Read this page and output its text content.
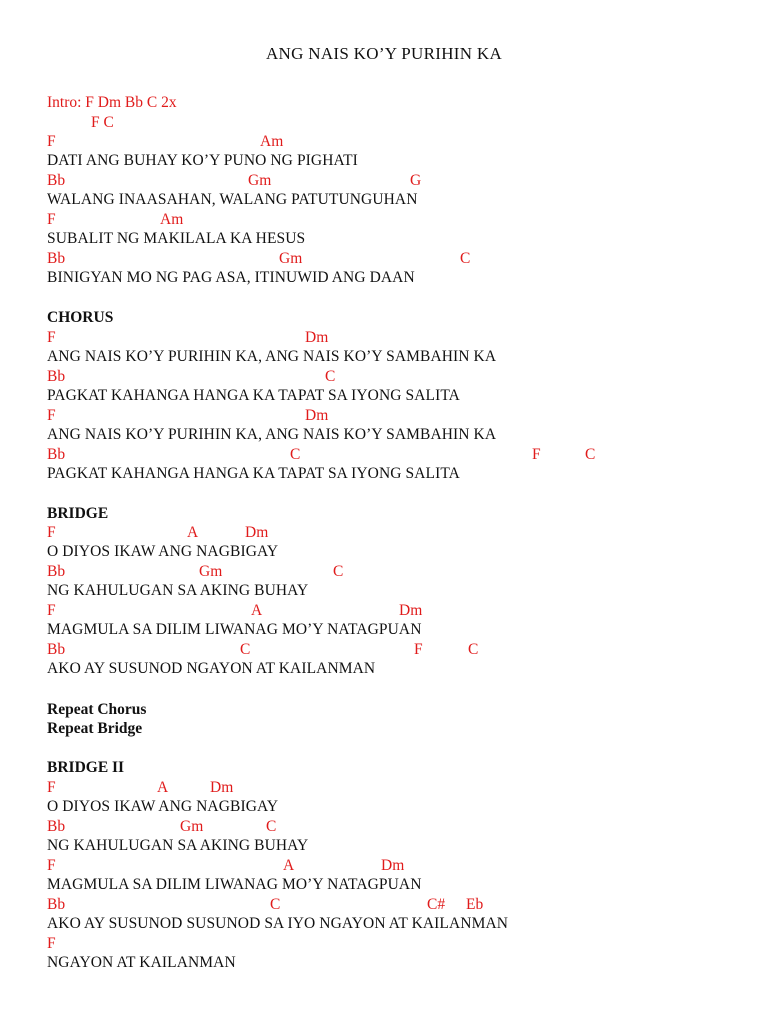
ANG NAIS KO’Y PURIHIN KA
Intro: F Dm Bb C 2x
F C

F

	Am

DATI ANG BUHAY KO’Y PUNO NG PIGHATI

Bb

	Gm

	G

WALANG INAASAHAN, WALANG PATUTUNGUHAN

F

	Am

SUBALIT NG MAKILALA KA HESUS

Bb

	Gm

	C

BINIGYAN MO NG PAG ASA, ITINUWID ANG DAAN
CHORUS

F

	Dm

ANG NAIS KO’Y PURIHIN KA, ANG NAIS KO’Y SAMBAHIN KA

Bb

	C

PAGKAT KAHANGA HANGA KA TAPAT SA IYONG SALITA

F

	Dm

ANG NAIS KO’Y PURIHIN KA, ANG NAIS KO’Y SAMBAHIN KA

Bb

	C

	F

	C

PAGKAT KAHANGA HANGA KA TAPAT SA IYONG SALITA
BRIDGE

F

	A

	Dm

O DIYOS IKAW ANG NAGBIGAY

Bb

	Gm

	C

NG KAHULUGAN SA AKING BUHAY

F

	A

	Dm

MAGMULA SA DILIM LIWANAG MO’Y NATAGPUAN

Bb

	C

	F

	C

AKO AY SUSUNOD NGAYON AT KAILANMAN
Repeat Chorus
Repeat Bridge
BRIDGE II

F

	A

	Dm

O DIYOS IKAW ANG NAGBIGAY

Bb

	Gm

	C

NG KAHULUGAN SA AKING BUHAY

F

	A

	Dm

MAGMULA SA DILIM LIWANAG MO’Y NATAGPUAN

Bb

	C

	C#

Eb

AKO AY SUSUNOD SUSUNOD SA IYO NGAYON AT KAILANMAN

F

NGAYON AT KAILANMAN
